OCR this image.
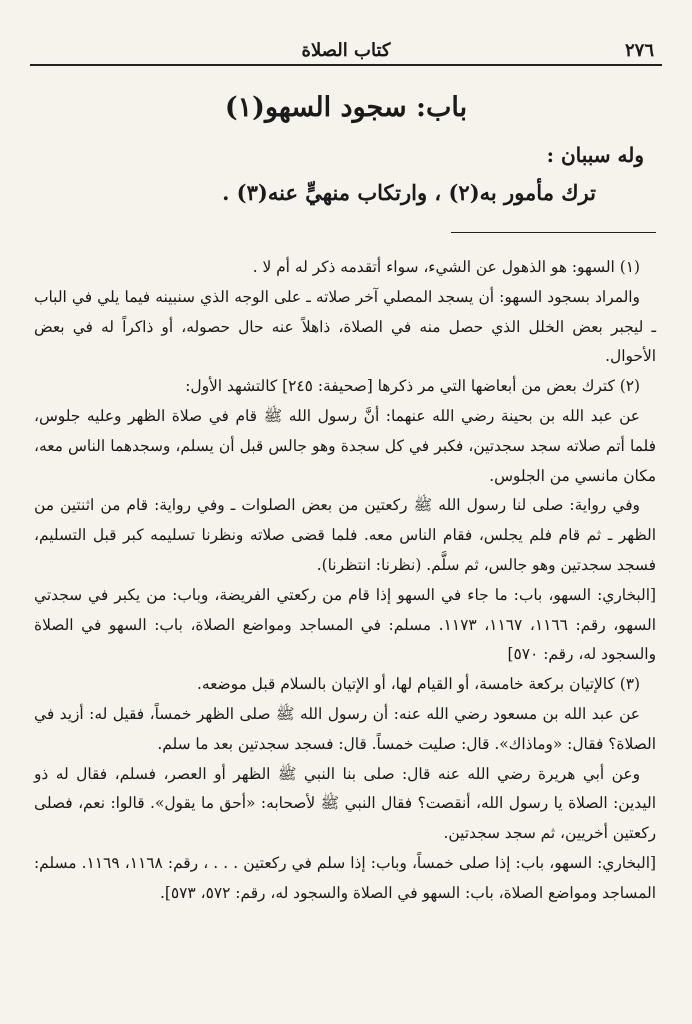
٢٧٦
كتاب الصلاة
باب: سجود السهو(١)
وله سببان :
ترك مأمور به(٢) ، وارتكاب منهيٍّ عنه(٣) .

(١) السهو: هو الذهول عن الشيء، سواء أتقدمه ذكر له أم لا .

والمراد بسجود السهو: أن يسجد المصلي آخر صلاته ـ على الوجه الذي سنبينه فيما يلي في الباب ـ ليجبر بعض الخلل الذي حصل منه في الصلاة، ذاهلاً عنه حال حصوله، أو ذاكراً له في بعض الأحوال.

(٢) كترك بعض من أبعاضها التي مر ذكرها [صحيفة: ٢٤٥] كالتشهد الأول:

عن عبد الله بن بحينة رضي الله عنهما: أنَّ رسول الله ﷺ قام في صلاة الظهر وعليه جلوس، فلما أتم صلاته سجد سجدتين، فكبر في كل سجدة وهو جالس قبل أن يسلم، وسجدهما الناس معه، مكان مانسي من الجلوس.

وفي رواية: صلى لنا رسول الله ﷺ ركعتين من بعض الصلوات ـ وفي رواية: قام من اثنتين من الظهر ـ ثم قام فلم يجلس، فقام الناس معه. فلما قضى صلاته ونظرنا تسليمه كبر قبل التسليم، فسجد سجدتين وهو جالس، ثم سلَّم. (نظرنا: انتظرنا).

[البخاري: السهو، باب: ما جاء في السهو إذا قام من ركعتي الفريضة، وباب: من يكبر في سجدتي السهو، رقم: ١١٦٦، ١١٦٧، ١١٧٣. مسلم: في المساجد ومواضع الصلاة، باب: السهو في الصلاة والسجود له، رقم: ٥٧٠]

(٣) كالإتيان بركعة خامسة، أو القيام لها، أو الإتيان بالسلام قبل موضعه.

عن عبد الله بن مسعود رضي الله عنه: أن رسول الله ﷺ صلى الظهر خمساً، فقيل له: أزيد في الصلاة؟ فقال: «وماذاك». قال: صليت خمساً. قال: فسجد سجدتين بعد ما سلم.

وعن أبي هريرة رضي الله عنه قال: صلى بنا النبي ﷺ الظهر أو العصر، فسلم، فقال له ذو اليدين: الصلاة يا رسول الله، أنقصت؟ فقال النبي ﷺ لأصحابه: «أحق ما يقول». قالوا: نعم، فصلى ركعتين أخريين، ثم سجد سجدتين.

[البخاري: السهو، باب: إذا صلى خمساً، وباب: إذا سلم في ركعتين . . . ، رقم: ١١٦٨، ١١٦٩. مسلم: المساجد ومواضع الصلاة، باب: السهو في الصلاة والسجود له، رقم: ٥٧٢، ٥٧٣].
